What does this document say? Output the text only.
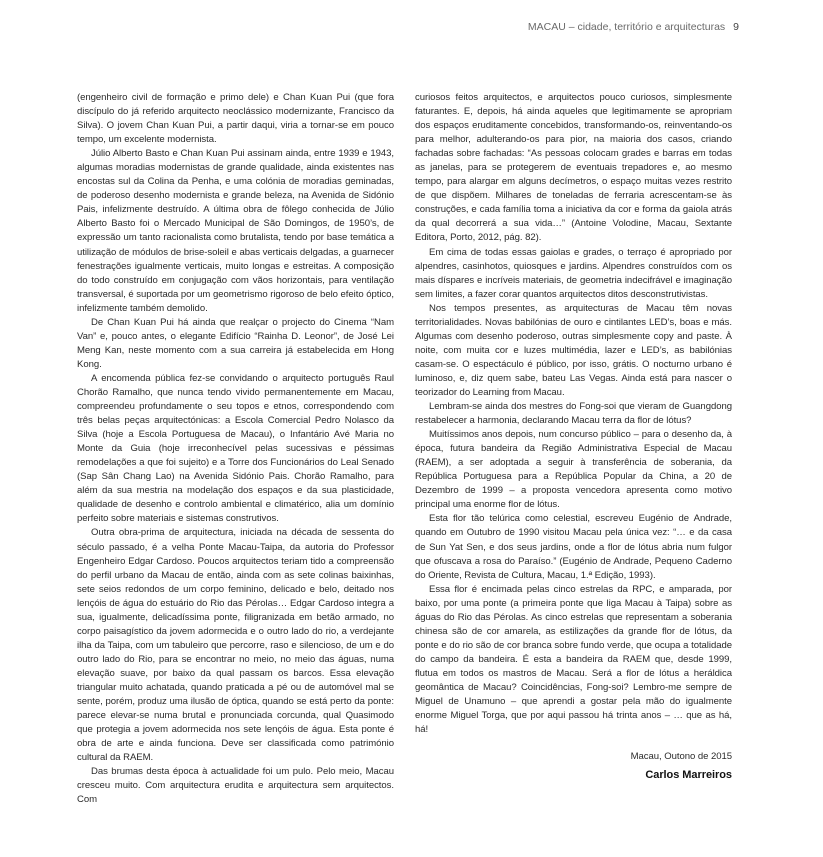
MACAU – cidade, território e arquitecturas 9

(engenheiro civil de formação e primo dele) e Chan Kuan Pui (que fora discípulo do já referido arquitecto neoclássico modernizante, Francisco da Silva). O jovem Chan Kuan Pui, a partir daqui, viria a tornar-se em pouco tempo, um excelente modernista.

Júlio Alberto Basto e Chan Kuan Pui assinam ainda, entre 1939 e 1943, algumas moradias modernistas de grande qualidade, ainda existentes nas encostas sul da Colina da Penha, e uma colónia de moradias geminadas, de poderoso desenho modernista e grande beleza, na Avenida de Sidónio Pais, infelizmente destruído. A última obra de fôlego conhecida de Júlio Alberto Basto foi o Mercado Municipal de São Domingos, de 1950’s, de expressão um tanto racionalista como brutalista, tendo por base temática a utilização de módulos de brise-soleil e abas verticais delgadas, a guarnecer fenestrações igualmente verticais, muito longas e estreitas. A composição do todo construído em conjugação com vãos horizontais, para ventilação transversal, é suportada por um geometrismo rigoroso de belo efeito óptico, infelizmente também demolido.

De Chan Kuan Pui há ainda que realçar o projecto do Cinema “Nam Van” e, pouco antes, o elegante Edifício “Rainha D. Leonor”, de José Lei Meng Kan, neste momento com a sua carreira já estabelecida em Hong Kong.

A encomenda pública fez-se convidando o arquitecto português Raul Chorão Ramalho, que nunca tendo vivido permanentemente em Macau, compreendeu profundamente o seu topos e etnos, correspondendo com três belas peças arquitectónicas: a Escola Comercial Pedro Nolasco da Silva (hoje a Escola Portuguesa de Macau), o Infantário Avé Maria no Monte da Guia (hoje irreconhecível pelas sucessivas e péssimas remodelações a que foi sujeito) e a Torre dos Funcionários do Leal Senado (Sap Sân Chang Lao) na Avenida Sidónio Pais. Chorão Ramalho, para além da sua mestria na modelação dos espaços e da sua plasticidade, qualidade de desenho e controlo ambiental e climatérico, alia um domínio perfeito sobre materiais e sistemas construtivos.

Outra obra-prima de arquitectura, iniciada na década de sessenta do século passado, é a velha Ponte Macau-Taipa, da autoria do Professor Engenheiro Edgar Cardoso. Poucos arquitectos teriam tido a compreensão do perfil urbano da Macau de então, ainda com as sete colinas baixinhas, sete seios redondos de um corpo feminino, delicado e belo, deitado nos lençóis de água do estuário do Rio das Pérolas… Edgar Cardoso integra a sua, igualmente, delicadíssima ponte, filigranizada em betão armado, no corpo paisagístico da jovem adormecida e o outro lado do rio, a verdejante ilha da Taipa, com um tabuleiro que percorre, raso e silencioso, de um e do outro lado do Rio, para se encontrar no meio, no meio das águas, numa elevação suave, por baixo da qual passam os barcos. Essa elevação triangular muito achatada, quando praticada a pé ou de automóvel mal se sente, porém, produz uma ilusão de óptica, quando se está perto da ponte: parece elevar-se numa brutal e pronunciada corcunda, qual Quasimodo que protegia a jovem adormecida nos sete lençóis de água. Esta ponte é obra de arte e ainda funciona. Deve ser classificada como património cultural da RAEM.

Das brumas desta época à actualidade foi um pulo. Pelo meio, Macau cresceu muito. Com arquitectura erudita e arquitectura sem arquitectos. Com

curiosos feitos arquitectos, e arquitectos pouco curiosos, simplesmente faturantes. E, depois, há ainda aqueles que legitimamente se apropriam dos espaços eruditamente concebidos, transformando-os, reinventando-os para melhor, adulterando-os para pior, na maioria dos casos, criando fachadas sobre fachadas: “As pessoas colocam grades e barras em todas as janelas, para se protegerem de eventuais trepadores e, ao mesmo tempo, para alargar em alguns decímetros, o espaço muitas vezes restrito de que dispõem. Milhares de toneladas de ferraria acrescentam-se às construções, e cada família toma a iniciativa da cor e forma da gaiola atrás da qual decorrerá a sua vida…” (Antoine Volodine, Macau, Sextante Editora, Porto, 2012, pág. 82).

Em cima de todas essas gaiolas e grades, o terraço é apropriado por alpendres, casinhotos, quiosques e jardins. Alpendres construídos com os mais díspares e incríveis materiais, de geometria indecifrável e imaginação sem limites, a fazer corar quantos arquitectos ditos desconstrutivistas.

Nos tempos presentes, as arquitecturas de Macau têm novas territorialidades. Novas babilónias de ouro e cintilantes LED’s, boas e más. Algumas com desenho poderoso, outras simplesmente copy and paste. À noite, com muita cor e luzes multimédia, lazer e LED’s, as babilónias casam-se. O espectáculo é público, por isso, grátis. O nocturno urbano é luminoso, e, diz quem sabe, bateu Las Vegas. Ainda está para nascer o teorizador do Learning from Macau.

Lembram-se ainda dos mestres do Fong-soi que vieram de Guangdong restabelecer a harmonia, declarando Macau terra da flor de lótus?

Muitíssimos anos depois, num concurso público – para o desenho da, à época, futura bandeira da Região Administrativa Especial de Macau (RAEM), a ser adoptada a seguir à transferência de soberania, da República Portuguesa para a República Popular da China, a 20 de Dezembro de 1999 – a proposta vencedora apresenta como motivo principal uma enorme flor de lótus.

Esta flor tão telúrica como celestial, escreveu Eugénio de Andrade, quando em Outubro de 1990 visitou Macau pela única vez: “… e da casa de Sun Yat Sen, e dos seus jardins, onde a flor de lótus abria num fulgor que ofuscava a rosa do Paraíso.” (Eugénio de Andrade, Pequeno Caderno do Oriente, Revista de Cultura, Macau, 1.ª Edição, 1993).

Essa flor é encimada pelas cinco estrelas da RPC, e amparada, por baixo, por uma ponte (a primeira ponte que liga Macau à Taipa) sobre as águas do Rio das Pérolas. As cinco estrelas que representam a soberania chinesa são de cor amarela, as estilizações da grande flor de lótus, da ponte e do rio são de cor branca sobre fundo verde, que ocupa a totalidade do campo da bandeira. É esta a bandeira da RAEM que, desde 1999, flutua em todos os mastros de Macau. Será a flor de lótus a heráldica geomântica de Macau? Coincidências, Fong-soi? Lembro-me sempre de Miguel de Unamuno – que aprendi a gostar pela mão do igualmente enorme Miguel Torga, que por aqui passou há trinta anos – … que as há, há!

Macau, Outono de 2015
Carlos Marreiros
